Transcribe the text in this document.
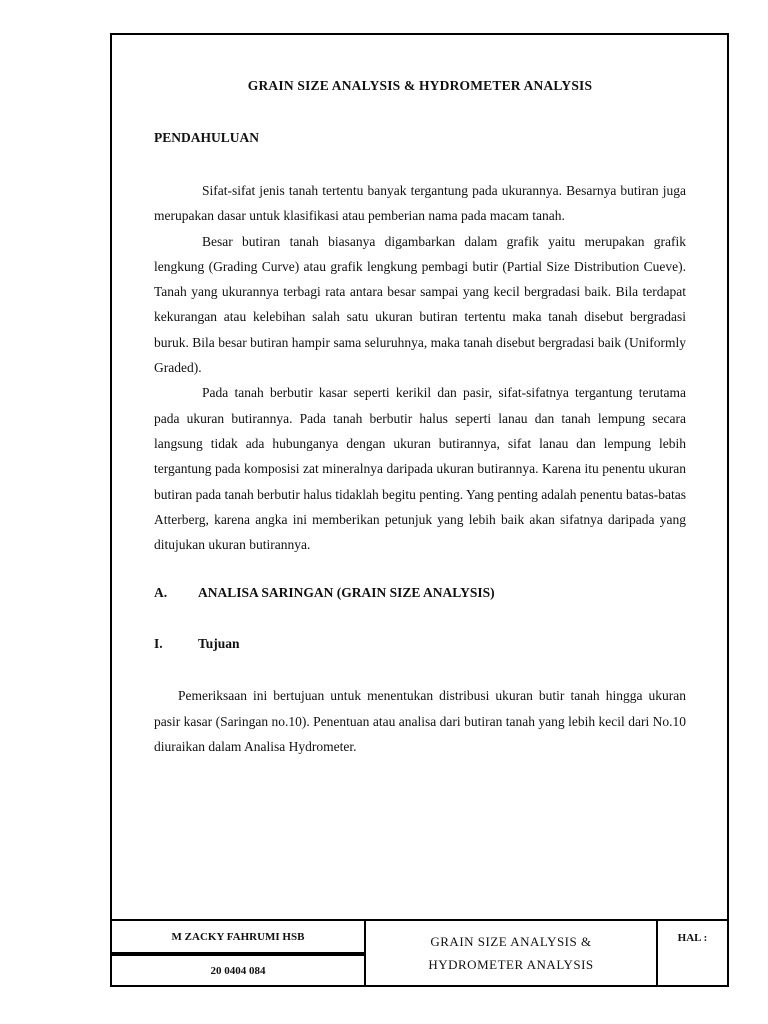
GRAIN SIZE ANALYSIS & HYDROMETER ANALYSIS

PENDAHULUAN

Sifat-sifat jenis tanah tertentu banyak tergantung pada ukurannya. Besarnya butiran juga merupakan dasar untuk klasifikasi atau pemberian nama pada macam tanah.

Besar butiran tanah biasanya digambarkan dalam grafik yaitu merupakan grafik lengkung (Grading Curve) atau grafik lengkung pembagi butir (Partial Size Distribution Cueve). Tanah yang ukurannya terbagi rata antara besar sampai yang kecil bergradasi baik. Bila terdapat kekurangan atau kelebihan salah satu ukuran butiran tertentu maka tanah disebut bergradasi buruk. Bila besar butiran hampir sama seluruhnya, maka tanah disebut bergradasi baik (Uniformly Graded).

Pada tanah berbutir kasar seperti kerikil dan pasir, sifat-sifatnya tergantung terutama pada ukuran butirannya. Pada tanah berbutir halus seperti lanau dan tanah lempung secara langsung tidak ada hubunganya dengan ukuran butirannya, sifat lanau dan lempung lebih tergantung pada komposisi zat mineralnya daripada ukuran butirannya. Karena itu penentu ukuran butiran pada tanah berbutir halus tidaklah begitu penting. Yang penting adalah penentu batas-batas Atterberg, karena angka ini memberikan petunjuk yang lebih baik akan sifatnya daripada yang ditujukan ukuran butirannya.

A.	ANALISA SARINGAN (GRAIN SIZE ANALYSIS)
I.	Tujuan

Pemeriksaan ini bertujuan untuk menentukan distribusi ukuran butir tanah hingga ukuran pasir kasar (Saringan no.10). Penentuan atau analisa dari butiran tanah yang lebih kecil dari No.10 diuraikan dalam Analisa Hydrometer.

M ZACKY FAHRUMI HSB
20 0404 084
GRAIN SIZE ANALYSIS &
HYDROMETER ANALYSIS
HAL :
